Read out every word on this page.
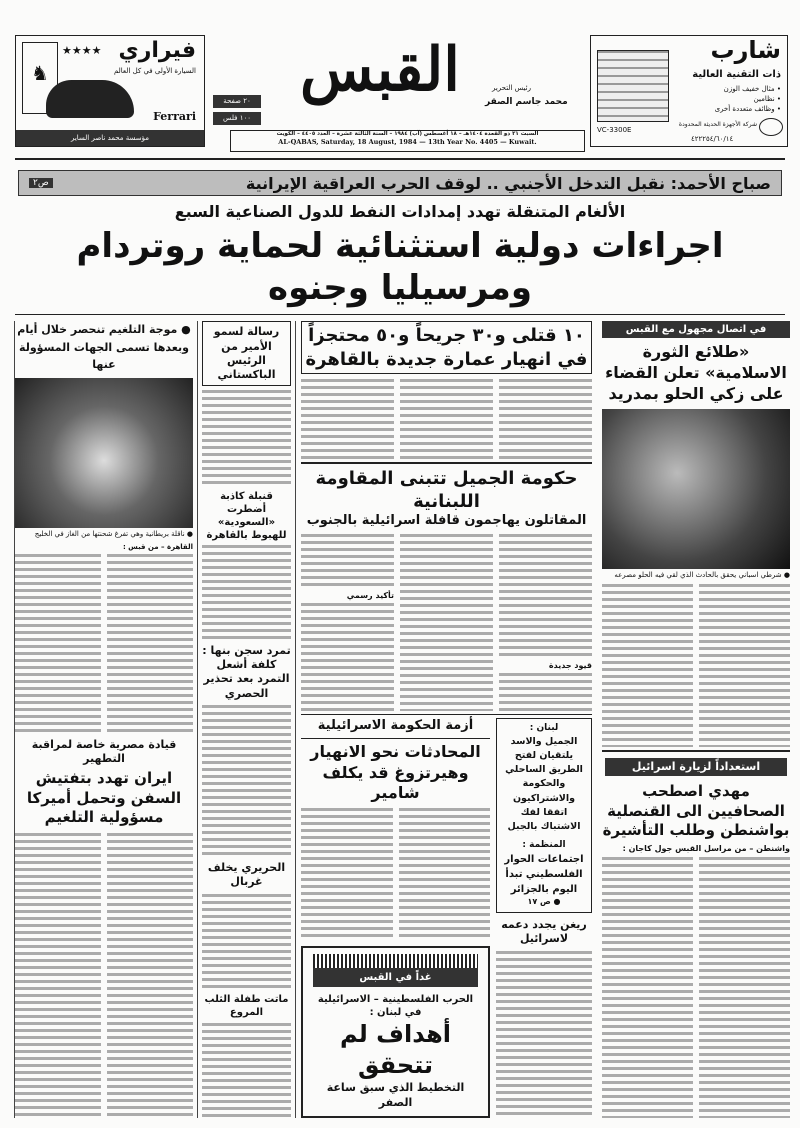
♞
فيراري
★★★★
السيارة الأولى في كل العالم
Ferrari
مؤسسة محمد ناصر الساير
٢٠ صفحة
١٠٠ فلس
القبس	رئيس التحرير
محمد جاسم الصقر
السبت ٢١ ذو القعدة ١٤٠٤هـ – ١٨ أغسطس (آب) ١٩٨٤ – السنة الثالثة عشرة – العدد ٤٤٠٥ – الكويت
AL-QABAS, Saturday, 18 August, 1984 — 13th Year No. 4405 — Kuwait.
VC-3300E
شارب
ذات التقنية العالية
• مثال خفيف الوزن
• نظامين
• وظائف متعددة أخرى
شركة الأجهزة الحديثة المحدودة
٤٢٢٢٥٤/٦٠/١٤
صباح الأحمد: نقبل التدخل الأجنبي .. لوقف الحرب العراقية الإيرانية
ص٢
الألغام المتنقلة تهدد إمدادات النفط للدول الصناعية السبع
اجراءات دولية استثنائية لحماية روتردام ومرسيليا وجنوه
في اتصال مجهول مع القبس
«طلائع الثورة الاسلامية» تعلن القضاء على زكي الحلو بمدريد
● شرطي اسباني يحقق بالحادث الذي لقي فيه الحلو مصرعه
استعداداً لزيارة اسرائيل
مهدي اصطحب الصحافيين الى القنصلية بواشنطن وطلب التأشيرة
واشنطن – من مراسل القبس جول كاجان :
١٠ قتلى و٣٠ جريحاً و٥٠ محتجزاً في انهيار عمارة جديدة بالقاهرة
حكومة الجميل تتبنى المقاومة اللبنانية
المقاتلون يهاجمون قافلة اسرائيلية بالجنوب
قيود جديدة
تأكيد رسمي
لبنان :
الجميل والاسد يلتقيان لفتح الطريق الساحلي والحكومة والاشتراكيون اتفقا لفك الاشتباك بالجبل
المنظمة :
اجتماعات الحوار الفلسطيني تبدأ اليوم بالجزائر
● ص ١٧
ريغن يجدد دعمه لاسرائيل
أزمة الحكومة الاسرائيلية
المحادثات نحو الانهيار وهيرتزوغ قد يكلف شامير
غداً في القبس
الحرب الفلسطينية – الاسرائيلية في لبنان :
أهداف لم تتحقق
التخطيط الذي سبق ساعة الصفر
رسالة لسمو الأمير من الرئيس الباكستاني
قنبلة كاذبة
أضطرت «السعودية» للهبوط بالقاهرة
تمرد سجن بنها : كلفة أشعل التمرد بعد تحذير الحصري
الحريري يخلف غربال
ماتت طفلة الثلب المروع
● موجة التلغيم تنحصر خلال أيام وبعدها تسمى الجهات المسؤولة عنها
● ناقلة بريطانية وهي تفرغ شحنتها من الغاز في الخليج
القاهرة – من قبس :
قيادة مصرية خاصة لمراقبة التطهير
ايران تهدد بتفتيش السفن وتحمل أميركا مسؤولية التلغيم
